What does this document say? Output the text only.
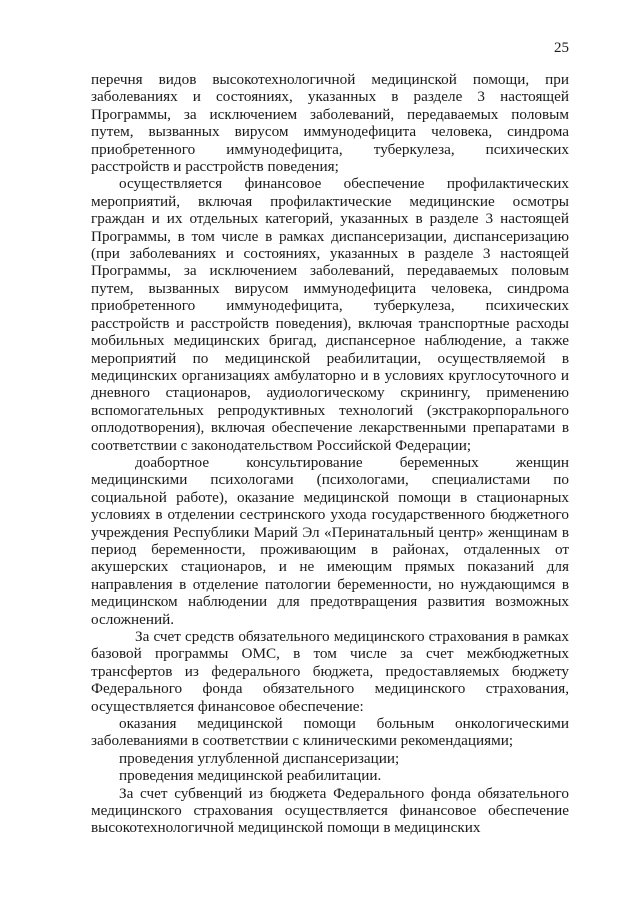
25

перечня видов высокотехнологичной медицинской помощи, при заболеваниях и состояниях, указанных в разделе 3 настоящей Программы, за исключением заболеваний, передаваемых половым путем, вызванных вирусом иммунодефицита человека, синдрома приобретенного иммунодефицита, туберкулеза, психических расстройств и расстройств поведения;

осуществляется финансовое обеспечение профилактических мероприятий, включая профилактические медицинские осмотры граждан и их отдельных категорий, указанных в разделе 3 настоящей Программы, в том числе в рамках диспансеризации, диспансеризацию (при заболеваниях и состояниях, указанных в разделе 3 настоящей Программы, за исключением заболеваний, передаваемых половым путем, вызванных вирусом иммунодефицита человека, синдрома приобретенного иммунодефицита, туберкулеза, психических расстройств и расстройств поведения), включая транспортные расходы мобильных медицинских бригад, диспансерное наблюдение, а также мероприятий по медицинской реабилитации, осуществляемой в медицинских организациях амбулаторно и в условиях круглосуточного и дневного стационаров, аудиологическому скринингу, применению вспомогательных репродуктивных технологий (экстракорпорального оплодотворения), включая обеспечение лекарственными препаратами в соответствии с законодательством Российской Федерации;

доабортное консультирование беременных женщин медицинскими психологами (психологами, специалистами по социальной работе), оказание медицинской помощи в стационарных условиях в отделении сестринского ухода государственного бюджетного учреждения Республики Марий Эл «Перинатальный центр» женщинам в период беременности, проживающим в районах, отдаленных от акушерских стационаров, и не имеющим прямых показаний для направления в отделение патологии беременности, но нуждающимся в медицинском наблюдении для предотвращения развития возможных осложнений.

За счет средств обязательного медицинского страхования в рамках базовой программы ОМС, в том числе за счет межбюджетных трансфертов из федерального бюджета, предоставляемых бюджету Федерального фонда обязательного медицинского страхования, осуществляется финансовое обеспечение:

оказания медицинской помощи больным онкологическими заболеваниями в соответствии с клиническими рекомендациями;

проведения углубленной диспансеризации;

проведения медицинской реабилитации.

За счет субвенций из бюджета Федерального фонда обязательного медицинского страхования осуществляется финансовое обеспечение высокотехнологичной медицинской помощи в медицинских
